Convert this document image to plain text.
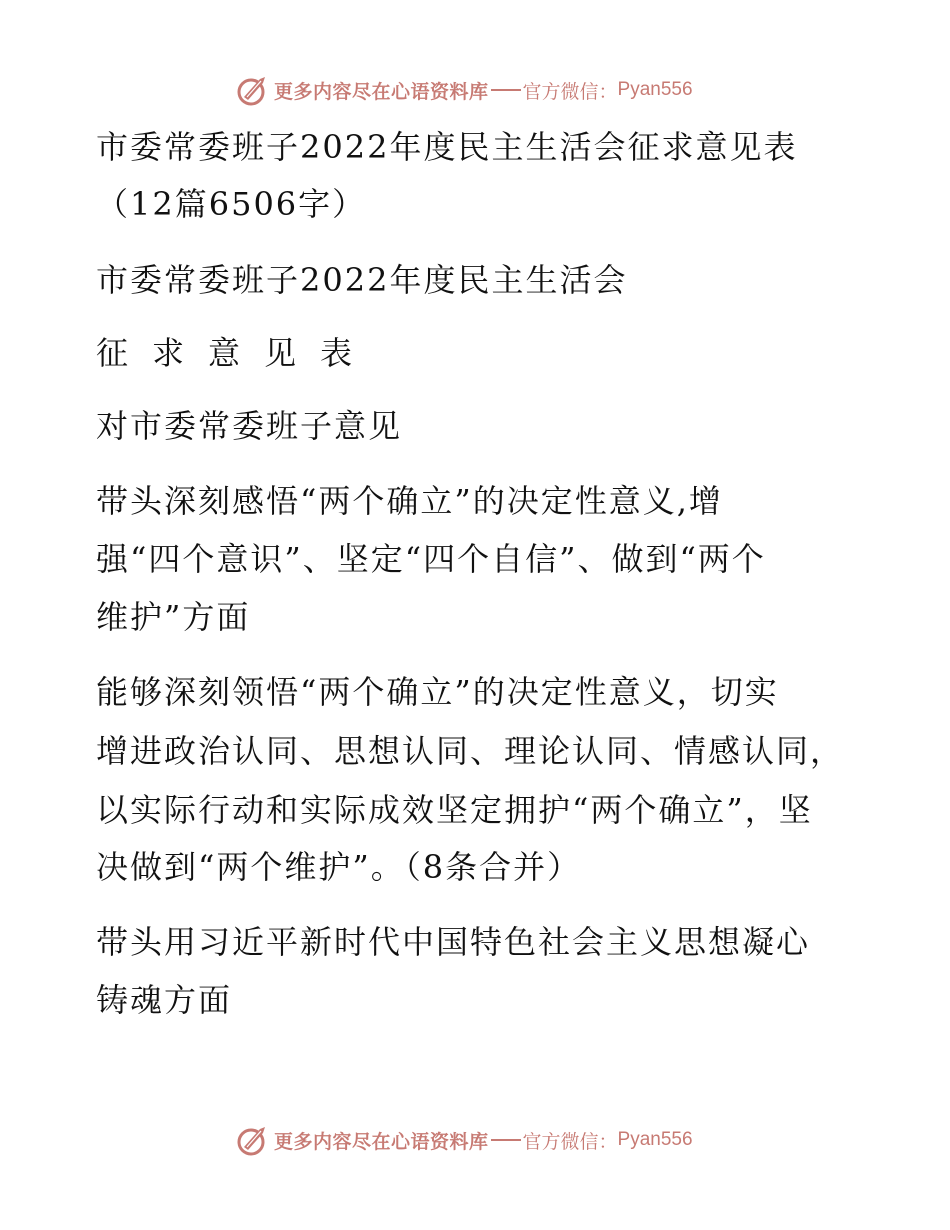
更多内容尽在心语资料库 官方微信： Pyan556
市委常委班子2022年度民主生活会征求意见表
（12篇6506字）
市委常委班子2022年度民主生活会
征求意见表
对市委常委班子意见
带头深刻感悟“两个确立”的决定性意义,增
强“四个意识”、坚定“四个自信”、做到“两个
维护”方面
能够深刻领悟“两个确立”的决定性意义，切实
增进政治认同、思想认同、理论认同、情感认同，
以实际行动和实际成效坚定拥护“两个确立”，坚
决做到“两个维护”。（8条合并）
带头用习近平新时代中国特色社会主义思想凝心
铸魂方面
更多内容尽在心语资料库 官方微信： Pyan556
